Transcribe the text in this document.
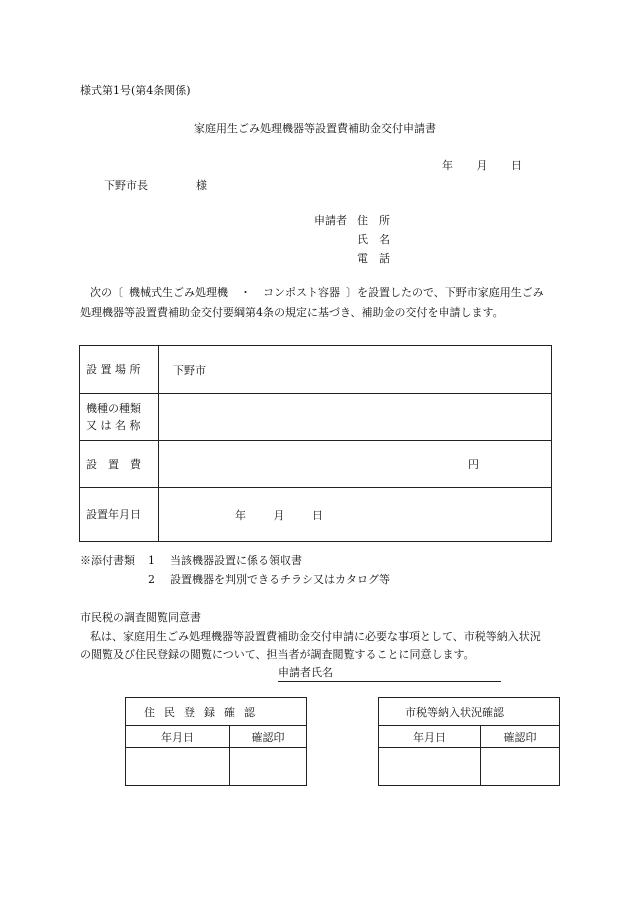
様式第1号(第4条関係)
家庭用生ごみ処理機器等設置費補助金交付申請書
年 月 日
下野市長	様
申請者 住　所
氏　名
電　話
次の〔 機械式生ごみ処理機 ・ コンポスト容器 〕を設置したので、下野市家庭用生ごみ処理機器等設置費補助金交付要綱第4条の規定に基づき、補助金の交付を申請します。
設 置 場 所	下野市

機種の種類
又 は 名 称	

設　置　費	円
設置年月日	年 月 日
※添付書類	1	当該機器設置に係る領収書
2	設置機器を判別できるチラシ又はカタログ等
市民税の調査閲覧同意書
私は、家庭用生ごみ処理機器等設置費補助金交付申請に必要な事項として、市税等納入状況の閲覧及び住民登録の閲覧について、担当者が調査閲覧することに同意します。
申請者氏名
住民登録確認	
年月日	確認印

市税等納入状況確認	
年月日	確認印
